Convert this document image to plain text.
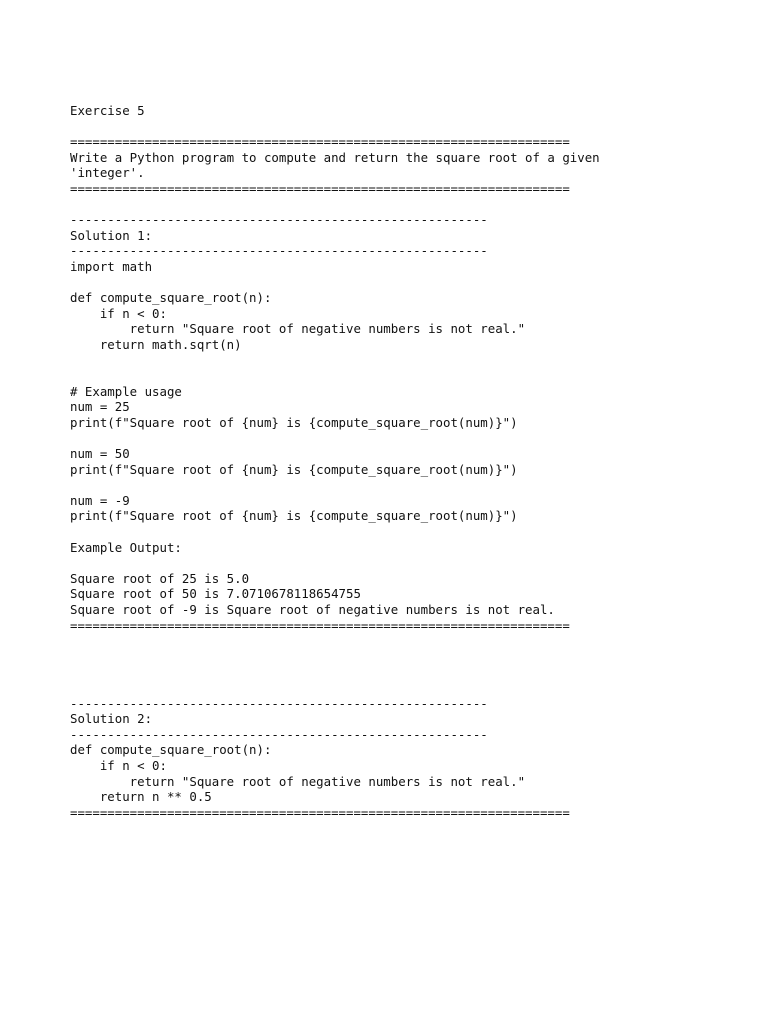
Exercise 5
===================================================================
Write a Python program to compute and return the square root of a given
'integer'.
===================================================================
--------------------------------------------------------
Solution 1:
--------------------------------------------------------
import math
def compute_square_root(n):
if n < 0:
return "Square root of negative numbers is not real."
return math.sqrt(n)
# Example usage
num = 25
print(f"Square root of {num} is {compute_square_root(num)}")
num = 50
print(f"Square root of {num} is {compute_square_root(num)}")
num = -9
print(f"Square root of {num} is {compute_square_root(num)}")
Example Output:
Square root of 25 is 5.0
Square root of 50 is 7.0710678118654755
Square root of -9 is Square root of negative numbers is not real.
===================================================================
--------------------------------------------------------
Solution 2:
--------------------------------------------------------
def compute_square_root(n):
if n < 0:
return "Square root of negative numbers is not real."
return n ** 0.5
===================================================================
